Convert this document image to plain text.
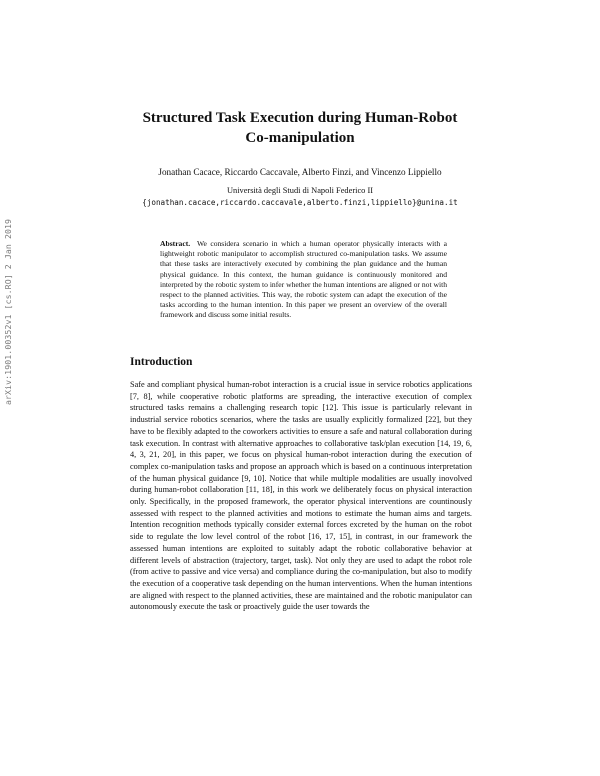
arXiv:1901.00352v1 [cs.RO] 2 Jan 2019
Structured Task Execution during Human-Robot
Co-manipulation
Jonathan Cacace, Riccardo Caccavale, Alberto Finzi, and Vincenzo Lippiello
Università degli Studi di Napoli Federico II
{jonathan.cacace,riccardo.caccavale,alberto.finzi,lippiello}@unina.it

Abstract. We considera scenario in which a human operator physically interacts with a lightweight robotic manipulator to accomplish structured co-manipulation tasks. We assume that these tasks are interactively executed by combining the plan guidance and the human physical guidance. In this context, the human guidance is continuously monitored and interpreted by the robotic system to infer whether the human intentions are aligned or not with respect to the planned activities. This way, the robotic system can adapt the execution of the tasks according to the human intention. In this paper we present an overview of the overall framework and discuss some initial results.

Introduction

Safe and compliant physical human-robot interaction is a crucial issue in service robotics applications [7, 8], while cooperative robotic platforms are spreading, the interactive execution of complex structured tasks remains a challenging research topic [12]. This issue is particularly relevant in industrial service robotics scenarios, where the tasks are usually explicitly formalized [22], but they have to be flexibly adapted to the coworkers activities to ensure a safe and natural collaboration during task execution. In contrast with alternative approaches to collaborative task/plan execution [14, 19, 6, 4, 3, 21, 20], in this paper, we focus on physical human-robot interaction during the execution of complex co-manipulation tasks and propose an approach which is based on a continuous interpretation of the human physical guidance [9, 10]. Notice that while multiple modalities are usually inovolved during human-robot collaboration [11, 18], in this work we deliberately focus on physical interaction only. Specifically, in the proposed framework, the operator physical interventions are countinously assessed with respect to the planned activities and motions to estimate the human aims and targets. Intention recognition methods typically consider external forces excreted by the human on the robot side to regulate the low level control of the robot [16, 17, 15], in contrast, in our framework the assessed human intentions are exploited to suitably adapt the robotic collaborative behavior at different levels of abstraction (trajectory, target, task). Not only they are used to adapt the robot role (from active to passive and vice versa) and compliance during the co-manipulation, but also to modify the execution of a cooperative task depending on the human interventions. When the human intentions are aligned with respect to the planned activities, these are maintained and the robotic manipulator can autonomously execute the task or proactively guide the user towards the
